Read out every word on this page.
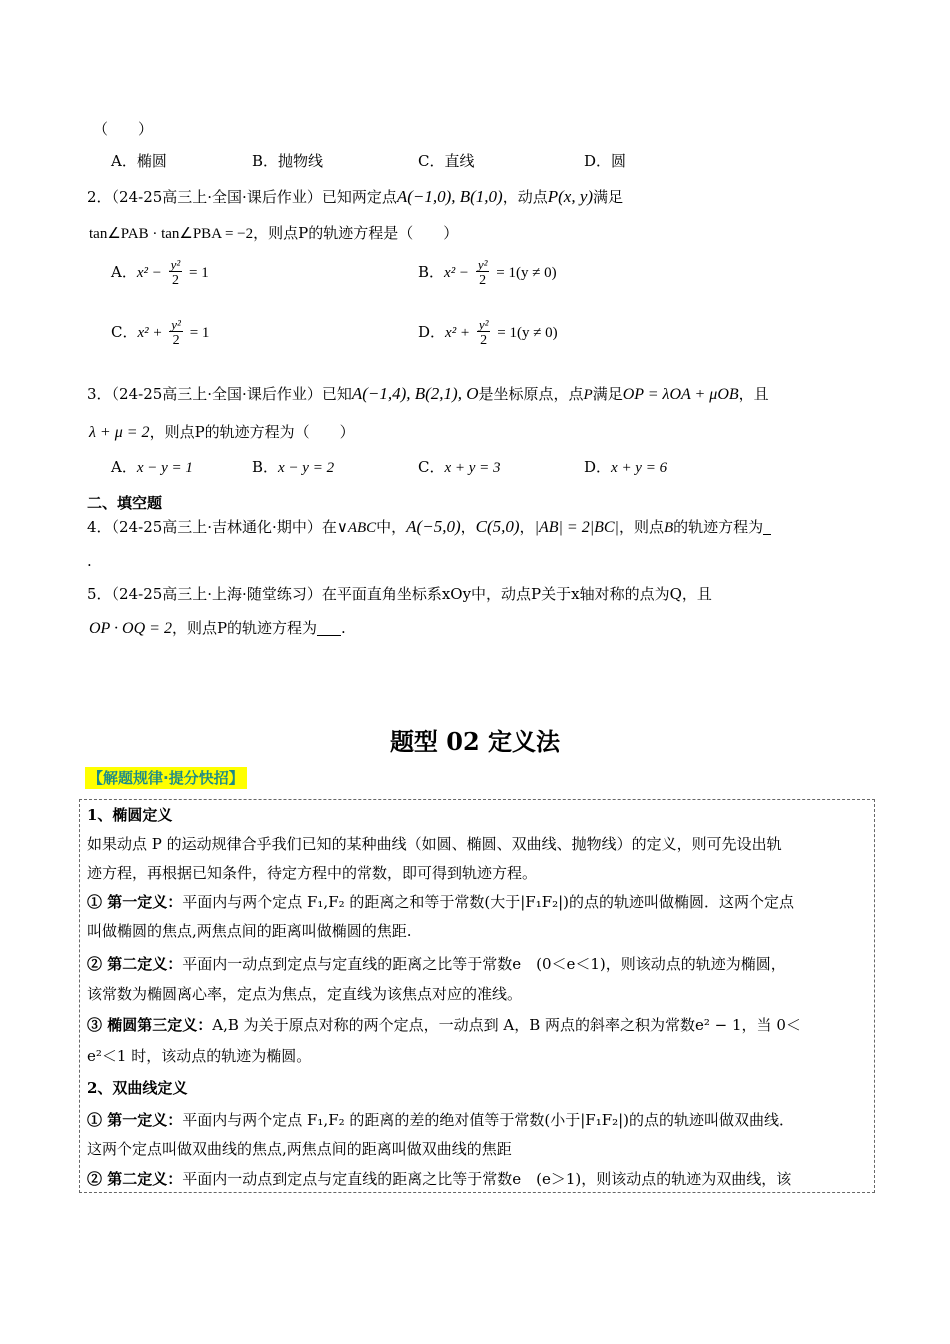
（　　）
A．椭圆	B．抛物线	C．直线	D．圆
2．（24-25高三上·全国·课后作业）已知两定点A(−1,0), B(1,0)，动点P(x, y)满足
tan∠PAB · tan∠PBA = −2，则点P的轨迹方程是（　　）
A．$x^2 - \frac{\text{y²}}{2} = 1$	B．$x^2 - \frac{\text{y²}}{2} = 1(y \ne 0)$
C．$x^2 + \frac{\text{y²}}{2} = 1$	D．$x^2 + \frac{\text{y²}}{2} = 1(y \ne 0)$
3．（24-25高三上·全国·课后作业）已知A(−1,4), B(2,1), O是坐标原点，点P满足OP = λOA + μOB，且
λ + μ = 2，则点P的轨迹方程为（　　）
A．x − y = 1	B．x − y = 2	C．x + y = 3	D．x + y = 6
二、填空题
4．（24-25高三上·吉林通化·期中）在∨ABC中，A(−5,0)，C(5,0)，|AB| = 2|BC|，则点B的轨迹方程为
.
5．（24-25高三上·上海·随堂练习）在平面直角坐标系xOy中，动点P关于x轴对称的点为Q，且
OP · OQ = 2，则点P的轨迹方程为 .
题型 02 定义法
【解题规律·提分快招】
1、椭圆定义
如果动点 P 的运动规律合乎我们已知的某种曲线（如圆、椭圆、双曲线、抛物线）的定义，则可先设出轨
迹方程，再根据已知条件，待定方程中的常数，即可得到轨迹方程。
① 第一定义：平面内与两个定点 F₁,F₂ 的距离之和等于常数(大于|F₁F₂|)的点的轨迹叫做椭圆．这两个定点
叫做椭圆的焦点,两焦点间的距离叫做椭圆的焦距.
② 第二定义：平面内一动点到定点与定直线的距离之比等于常数e　(0＜e＜1)，则该动点的轨迹为椭圆，
该常数为椭圆离心率，定点为焦点，定直线为该焦点对应的准线。
③ 椭圆第三定义：A,B 为关于原点对称的两个定点，一动点到 A，B 两点的斜率之积为常数e² − 1，当 0＜
e²＜1 时，该动点的轨迹为椭圆。
2、双曲线定义
① 第一定义：平面内与两个定点 F₁,F₂ 的距离的差的绝对值等于常数(小于|F₁F₂|)的点的轨迹叫做双曲线．
这两个定点叫做双曲线的焦点,两焦点间的距离叫做双曲线的焦距
② 第二定义：平面内一动点到定点与定直线的距离之比等于常数e　(e＞1)，则该动点的轨迹为双曲线，该
